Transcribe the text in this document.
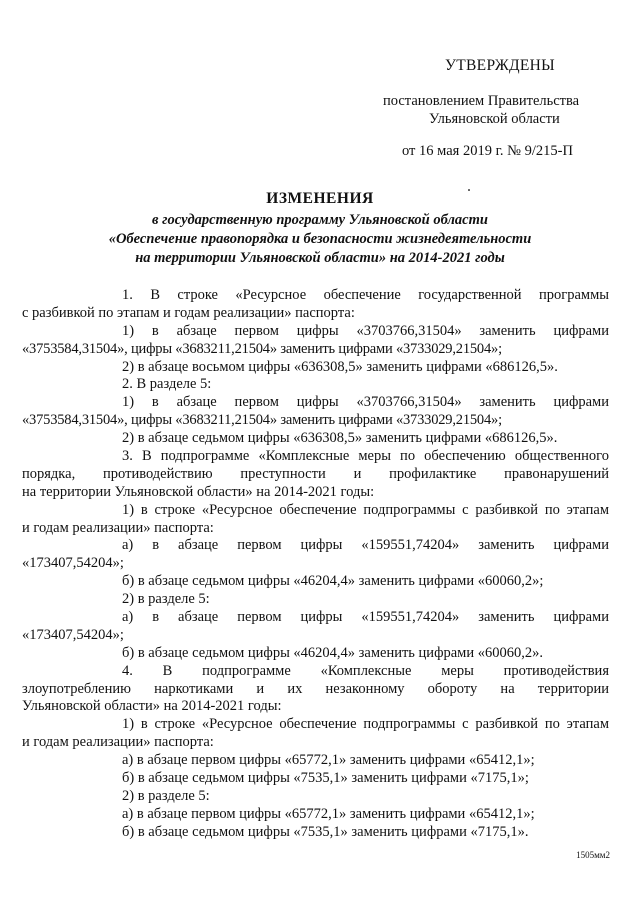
УТВЕРЖДЕНЫ
постановлением Правительства
Ульяновской области
от 16 мая 2019 г. № 9/215-П
ИЗМЕНЕНИЯ
в государственную программу Ульяновской области
«Обеспечение правопорядка и безопасности жизнедеятельности
на территории Ульяновской области» на 2014-2021 годы
1. В строке «Ресурсное обеспечение государственной программы
с разбивкой по этапам и годам реализации» паспорта:
1) в абзаце первом цифры «3703766,31504» заменить цифрами
«3753584,31504», цифры «3683211,21504» заменить цифрами «3733029,21504»;
2) в абзаце восьмом цифры «636308,5» заменить цифрами «686126,5».
2. В разделе 5:
1) в абзаце первом цифры «3703766,31504» заменить цифрами
«3753584,31504», цифры «3683211,21504» заменить цифрами «3733029,21504»;
2) в абзаце седьмом цифры «636308,5» заменить цифрами «686126,5».
3. В подпрограмме «Комплексные меры по обеспечению общественного
порядка, противодействию преступности и профилактике правонарушений
на территории Ульяновской области» на 2014-2021 годы:
1) в строке «Ресурсное обеспечение подпрограммы с разбивкой по этапам
и годам реализации» паспорта:
а) в абзаце первом цифры «159551,74204» заменить цифрами
«173407,54204»;
б) в абзаце седьмом цифры «46204,4» заменить цифрами «60060,2»;
2) в разделе 5:
а) в абзаце первом цифры «159551,74204» заменить цифрами
«173407,54204»;
б) в абзаце седьмом цифры «46204,4» заменить цифрами «60060,2».
4. В подпрограмме «Комплексные меры противодействия
злоупотреблению наркотиками и их незаконному обороту на территории
Ульяновской области» на 2014-2021 годы:
1) в строке «Ресурсное обеспечение подпрограммы с разбивкой по этапам
и годам реализации» паспорта:
а) в абзаце первом цифры «65772,1» заменить цифрами «65412,1»;
б) в абзаце седьмом цифры «7535,1» заменить цифрами «7175,1»;
2) в разделе 5:
а) в абзаце первом цифры «65772,1» заменить цифрами «65412,1»;
б) в абзаце седьмом цифры «7535,1» заменить цифрами «7175,1».
1505мм2
